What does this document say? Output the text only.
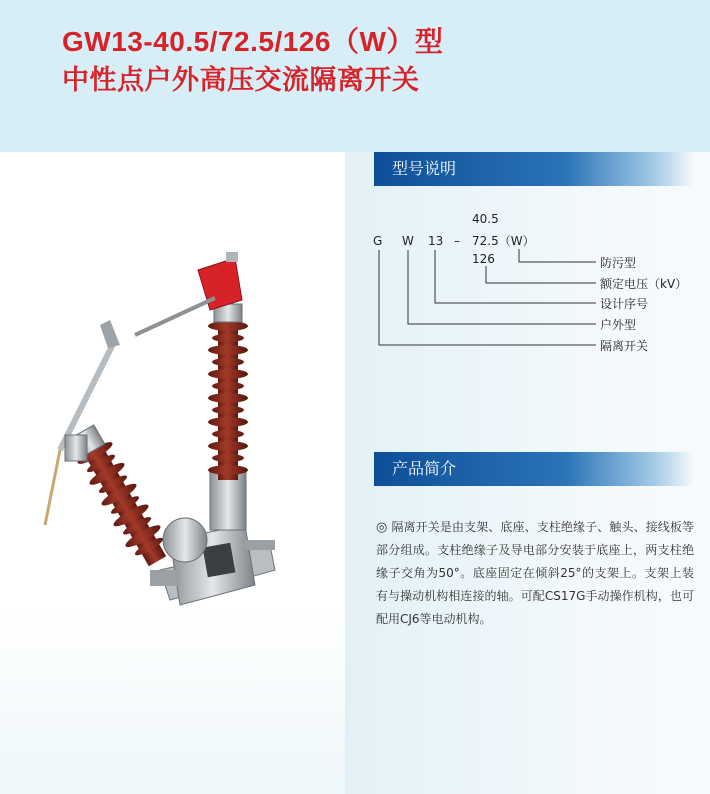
GW13-40.5/72.5/126（W）型
中性点户外高压交流隔离开关
型号说明
产品简介
G W 13 –
40.5
72.5（W）
126	防污型
额定电压（kV）
设计序号
户外型
隔离开关
◎ 隔离开关是由支架、底座、支柱绝缘子、触头、接线板等部分组成。支柱绝缘子及导电部分安装于底座上，两支柱绝缘子交角为50°。底座固定在倾斜25°的支架上。支架上装有与操动机构相连接的轴。可配CS17G手动操作机构，也可配用CJ6等电动机构。
